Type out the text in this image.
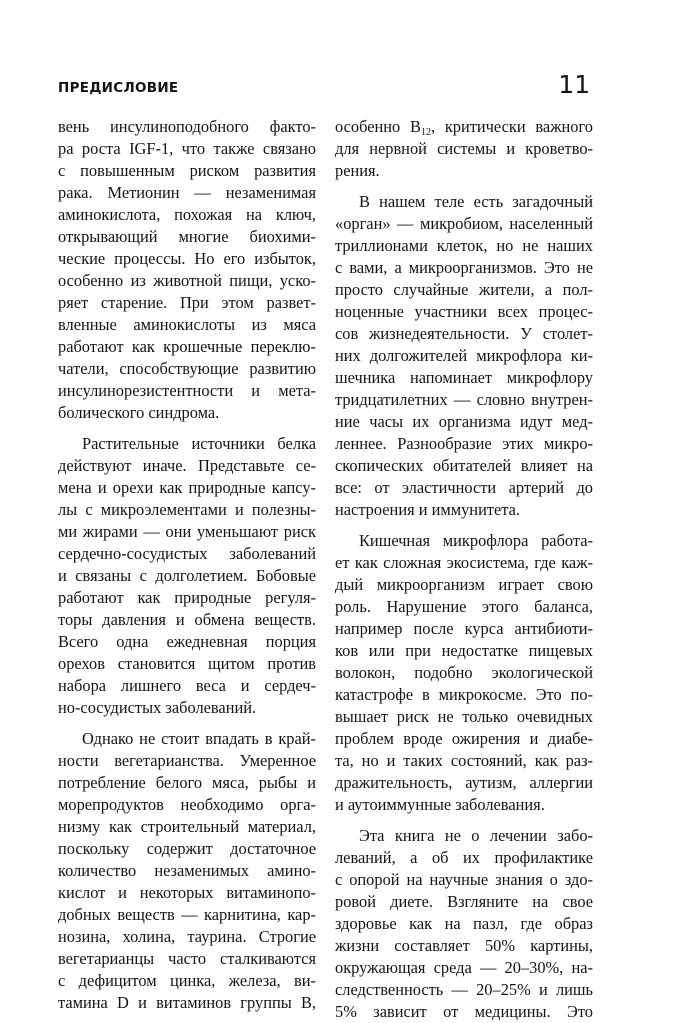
ПРЕДИСЛОВИЕ	11
вень инсулиноподобного факто-
ра роста IGF-1, что также связано
с повышенным риском развития
рака. Метионин — незаменимая
аминокислота, похожая на ключ,
открывающий многие биохими-
ческие процессы. Но его избыток,
особенно из животной пищи, уско-
ряет старение. При этом развет-
вленные аминокислоты из мяса
работают как крошечные переклю-
чатели, способствующие развитию
инсулинорезистентности и мета-
болического синдрома.
Растительные источники белка
действуют иначе. Представьте се-
мена и орехи как природные капсу-
лы с микроэлементами и полезны-
ми жирами — они уменьшают риск
сердечно-сосудистых заболеваний
и связаны с долголетием. Бобовые
работают как природные регуля-
торы давления и обмена веществ.
Всего одна ежедневная порция
орехов становится щитом против
набора лишнего веса и сердеч-
но-сосудистых заболеваний.
Однако не стоит впадать в край-
ности вегетарианства. Умеренное
потребление белого мяса, рыбы и
морепродуктов необходимо орга-
низму как строительный материал,
поскольку содержит достаточное
количество незаменимых амино-
кислот и некоторых витаминопо-
добных веществ — карнитина, кар-
нозина, холина, таурина. Строгие
вегетарианцы часто сталкиваются
с дефицитом цинка, железа, ви-
тамина D и витаминов группы B,
особенно $B_{12}$, критически важного
для нервной системы и кроветво-
рения.
В нашем теле есть загадочный
«орган» — микробиом, населенный
триллионами клеток, но не наших
с вами, а микроорганизмов. Это не
просто случайные жители, а пол-
ноценные участники всех процес-
сов жизнедеятельности. У столет-
них долгожителей микрофлора ки-
шечника напоминает микрофлору
тридцатилетних — словно внутрен-
ние часы их организма идут мед-
леннее. Разнообразие этих микро-
скопических обитателей влияет на
все: от эластичности артерий до
настроения и иммунитета.
Кишечная микрофлора работа-
ет как сложная экосистема, где каж-
дый микроорганизм играет свою
роль. Нарушение этого баланса,
например после курса антибиоти-
ков или при недостатке пищевых
волокон, подобно экологической
катастрофе в микрокосме. Это по-
вышает риск не только очевидных
проблем вроде ожирения и диабе-
та, но и таких состояний, как раз-
дражительность, аутизм, аллергии
и аутоиммунные заболевания.
Эта книга не о лечении забо-
леваний, а об их профилактике
с опорой на научные знания о здо-
ровой диете. Взгляните на свое
здоровье как на пазл, где образ
жизни составляет 50% картины,
окружающая среда — 20–30%, на-
следственность — 20–25% и лишь
5% зависит от медицины. Это
